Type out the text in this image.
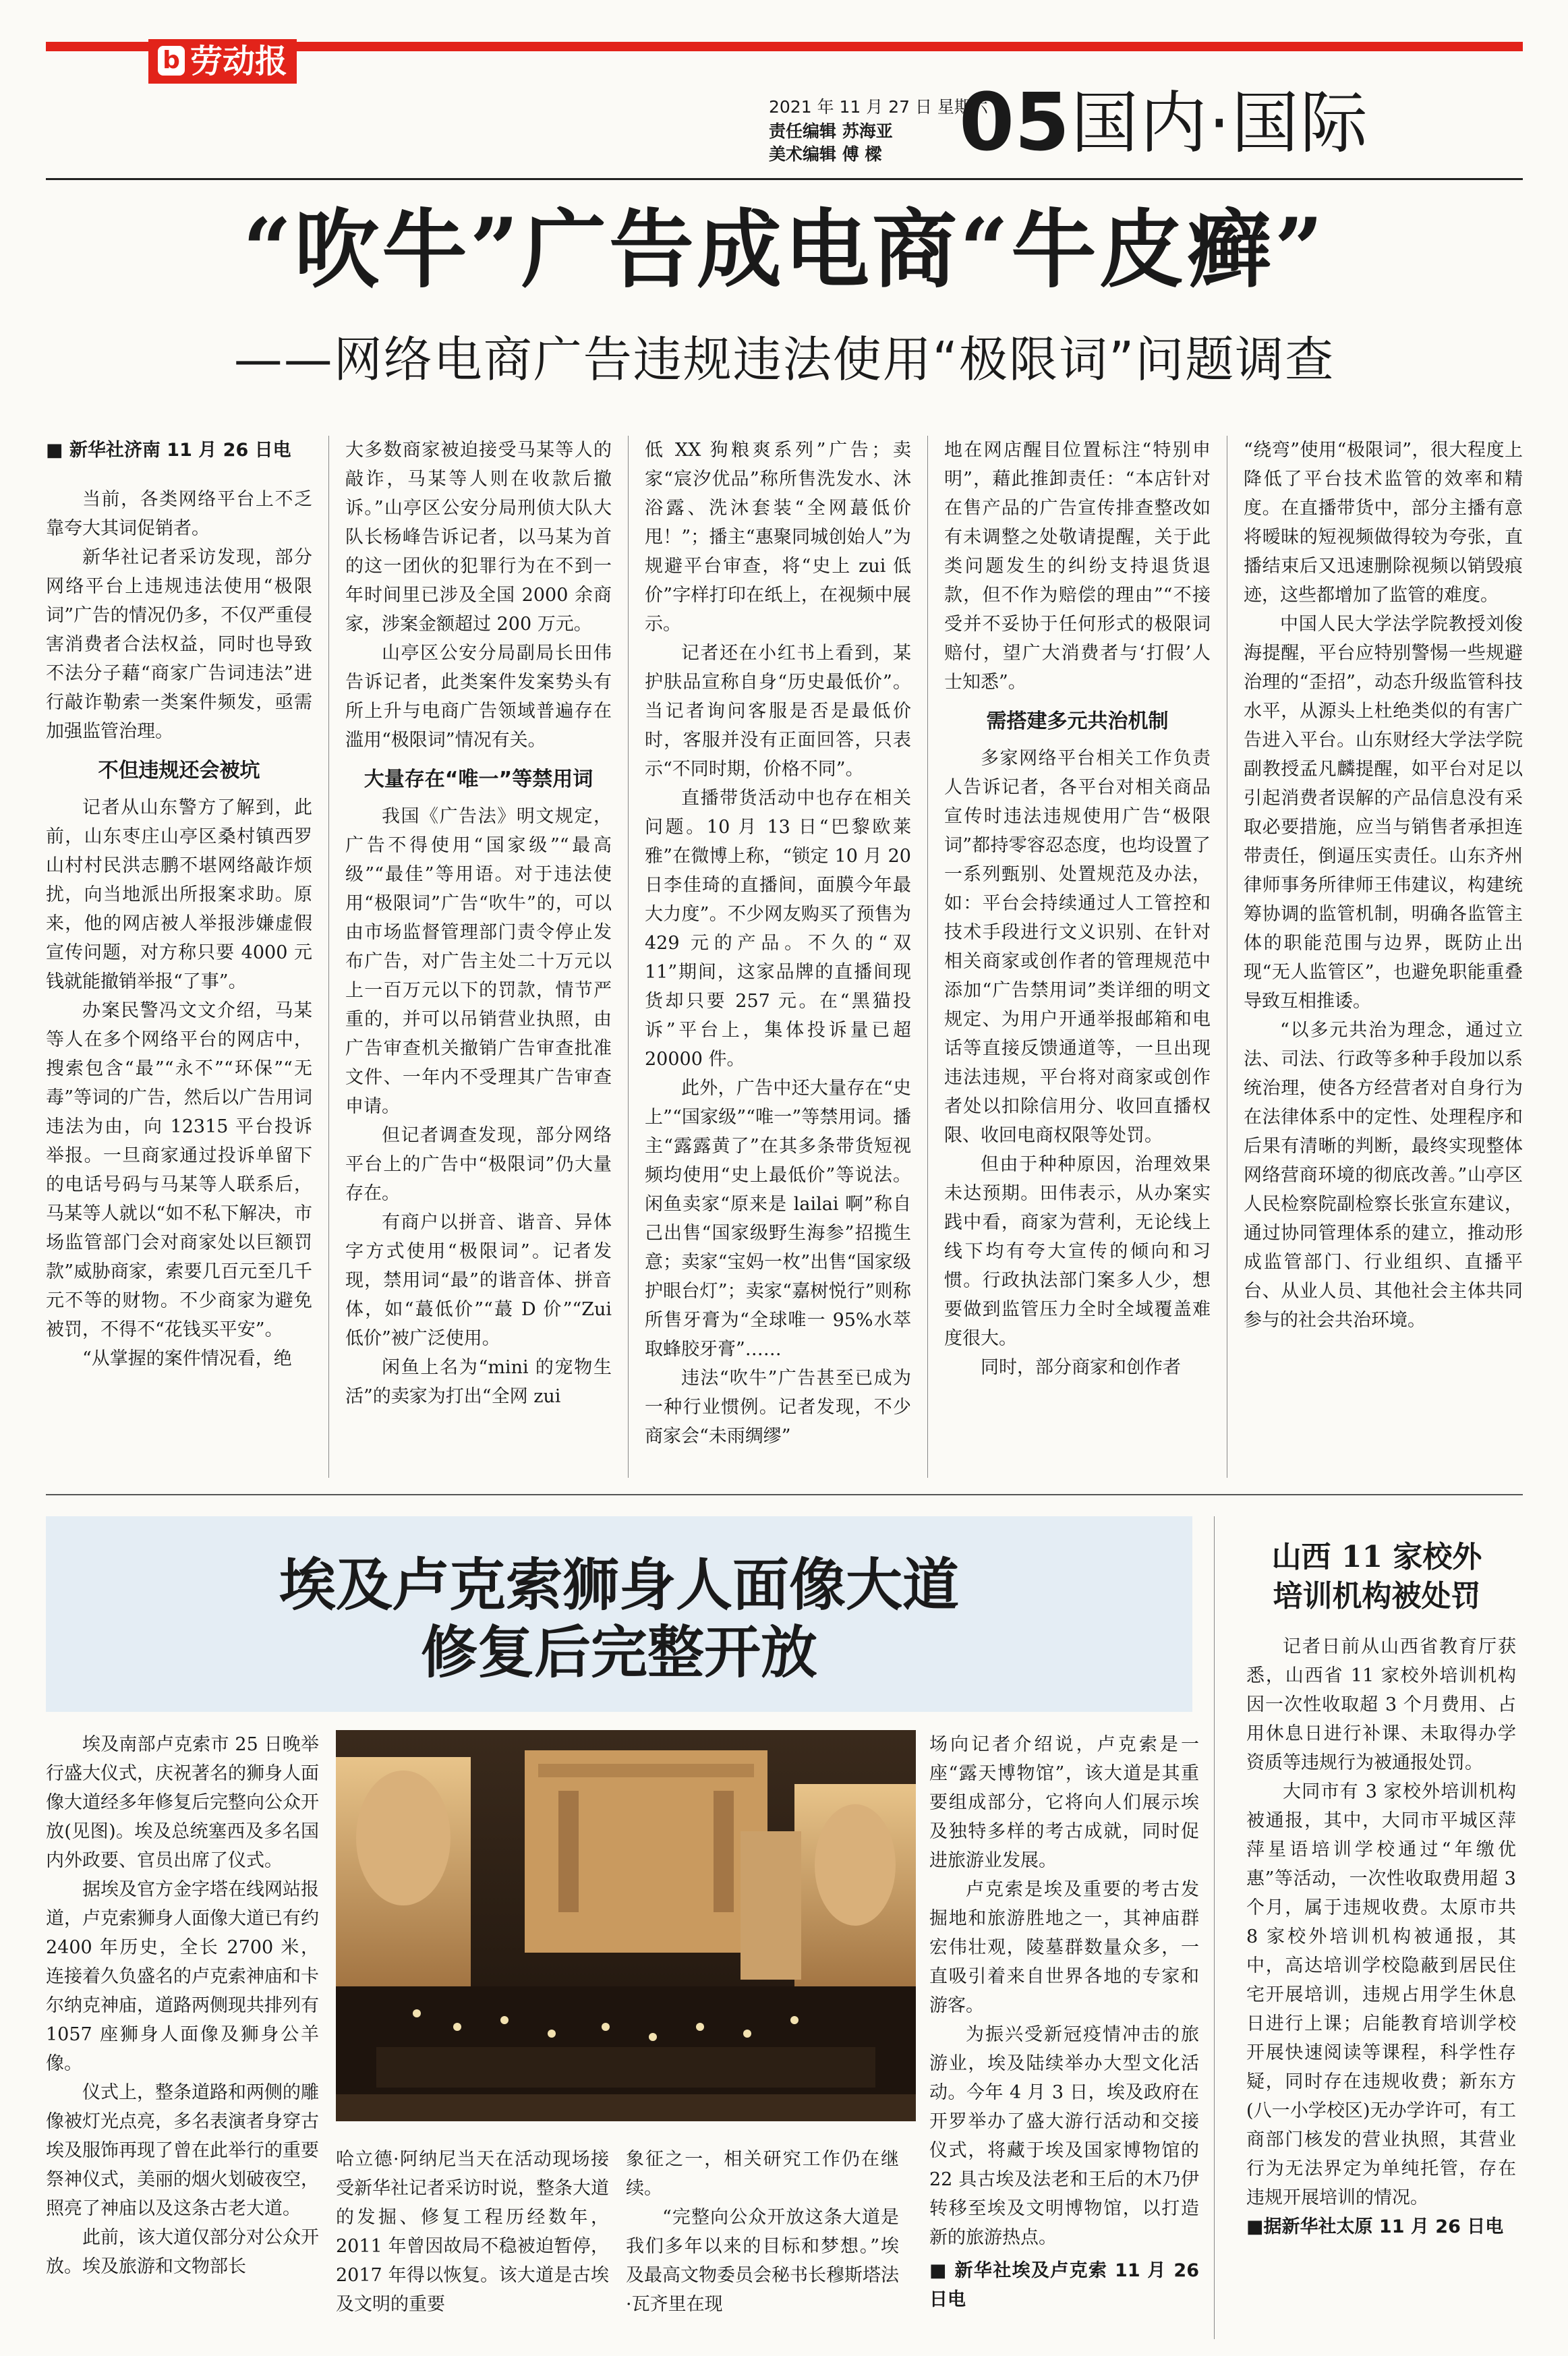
b 劳动报
2021 年 11 月 27 日 星期六
责任编辑 苏海亚
美术编辑 傅 樑 05 国内·国际
“吹牛”广告成电商“牛皮癣”
——网络电商广告违规违法使用“极限词”问题调查

■ 新华社济南 11 月 26 日电

当前，各类网络平台上不乏靠夸大其词促销者。

新华社记者采访发现，部分网络平台上违规违法使用“极限词”广告的情况仍多，不仅严重侵害消费者合法权益，同时也导致不法分子藉“商家广告词违法”进行敲诈勒索一类案件频发，亟需加强监管治理。

不但违规还会被坑

记者从山东警方了解到，此前，山东枣庄山亭区桑村镇西罗山村村民洪志鹏不堪网络敲诈烦扰，向当地派出所报案求助。原来，他的网店被人举报涉嫌虚假宣传问题，对方称只要 4000 元钱就能撤销举报“了事”。

办案民警冯文文介绍，马某等人在多个网络平台的网店中，搜索包含“最”“永不”“环保”“无毒”等词的广告，然后以广告用词违法为由，向 12315 平台投诉举报。一旦商家通过投诉单留下的电话号码与马某等人联系后，马某等人就以“如不私下解决，市场监管部门会对商家处以巨额罚款”威胁商家，索要几百元至几千元不等的财物。不少商家为避免被罚，不得不“花钱买平安”。

“从掌握的案件情况看，绝

大多数商家被迫接受马某等人的敲诈，马某等人则在收款后撤诉。”山亭区公安分局刑侦大队大队长杨峰告诉记者，以马某为首的这一团伙的犯罪行为在不到一年时间里已涉及全国 2000 余商家，涉案金额超过 200 万元。

山亭区公安分局副局长田伟告诉记者，此类案件发案势头有所上升与电商广告领域普遍存在滥用“极限词”情况有关。

大量存在“唯一”等禁用词

我国《广告法》明文规定，广告不得使用“国家级”“最高级”“最佳”等用语。对于违法使用“极限词”广告“吹牛”的，可以由市场监督管理部门责令停止发布广告，对广告主处二十万元以上一百万元以下的罚款，情节严重的，并可以吊销营业执照，由广告审查机关撤销广告审查批准文件、一年内不受理其广告审查申请。

但记者调查发现，部分网络平台上的广告中“极限词”仍大量存在。

有商户以拼音、谐音、异体字方式使用“极限词”。记者发现，禁用词“最”的谐音体、拼音体，如“蕞低价”“蕞 D 价”“Zui 低价”被广泛使用。

闲鱼上名为“mini 的宠物生活”的卖家为打出“全网 zui

低 XX 狗粮爽系列”广告；卖家“宸汐优品”称所售洗发水、沐浴露、洗沐套装“全网蕞低价甩！”；播主“惠聚同城创始人”为规避平台审查，将“史上 zui 低价”字样打印在纸上，在视频中展示。

记者还在小红书上看到，某护肤品宣称自身“历史最低价”。当记者询问客服是否是最低价时，客服并没有正面回答，只表示“不同时期，价格不同”。

直播带货活动中也存在相关问题。10 月 13 日“巴黎欧莱雅”在微博上称，“锁定 10 月 20 日李佳琦的直播间，面膜今年最大力度”。不少网友购买了预售为 429 元的产品。不久的“双 11”期间，这家品牌的直播间现货却只要 257 元。在“黑猫投诉”平台上，集体投诉量已超 20000 件。

此外，广告中还大量存在“史上”“国家级”“唯一”等禁用词。播主“露露黄了”在其多条带货短视频均使用“史上最低价”等说法。闲鱼卖家“原来是 lailai 啊”称自己出售“国家级野生海参”招揽生意；卖家“宝妈一枚”出售“国家级护眼台灯”；卖家“嘉树悦行”则称所售牙膏为“全球唯一 95%水萃取蜂胶牙膏”……

违法“吹牛”广告甚至已成为一种行业惯例。记者发现，不少商家会“未雨绸缪”

地在网店醒目位置标注“特别申明”，藉此推卸责任：“本店针对在售产品的广告宣传排查整改如有未调整之处敬请提醒，关于此类问题发生的纠纷支持退货退款，但不作为赔偿的理由”“不接受并不妥协于任何形式的极限词赔付，望广大消费者与‘打假’人士知悉”。

需搭建多元共治机制

多家网络平台相关工作负责人告诉记者，各平台对相关商品宣传时违法违规使用广告“极限词”都持零容忍态度，也均设置了一系列甄别、处置规范及办法，如：平台会持续通过人工管控和技术手段进行文义识别、在针对相关商家或创作者的管理规范中添加“广告禁用词”类详细的明文规定、为用户开通举报邮箱和电话等直接反馈通道等，一旦出现违法违规，平台将对商家或创作者处以扣除信用分、收回直播权限、收回电商权限等处罚。

但由于种种原因，治理效果未达预期。田伟表示，从办案实践中看，商家为营利，无论线上线下均有夸大宣传的倾向和习惯。行政执法部门案多人少，想要做到监管压力全时全域覆盖难度很大。

同时，部分商家和创作者

“绕弯”使用“极限词”，很大程度上降低了平台技术监管的效率和精度。在直播带货中，部分主播有意将暧昧的短视频做得较为夸张，直播结束后又迅速删除视频以销毁痕迹，这些都增加了监管的难度。

中国人民大学法学院教授刘俊海提醒，平台应特别警惕一些规避治理的“歪招”，动态升级监管科技水平，从源头上杜绝类似的有害广告进入平台。山东财经大学法学院副教授孟凡麟提醒，如平台对足以引起消费者误解的产品信息没有采取必要措施，应当与销售者承担连带责任，倒逼压实责任。山东齐州律师事务所律师王伟建议，构建统筹协调的监管机制，明确各监管主体的职能范围与边界，既防止出现“无人监管区”，也避免职能重叠导致互相推诿。

“以多元共治为理念，通过立法、司法、行政等多种手段加以系统治理，使各方经营者对自身行为在法律体系中的定性、处理程序和后果有清晰的判断，最终实现整体网络营商环境的彻底改善。”山亭区人民检察院副检察长张宣东建议，通过协同管理体系的建立，推动形成监管部门、行业组织、直播平台、从业人员、其他社会主体共同参与的社会共治环境。

埃及卢克索狮身人面像大道
修复后完整开放

埃及南部卢克索市 25 日晚举行盛大仪式，庆祝著名的狮身人面像大道经多年修复后完整向公众开放(见图)。埃及总统塞西及多名国内外政要、官员出席了仪式。

据埃及官方金字塔在线网站报道，卢克索狮身人面像大道已有约 2400 年历史，全长 2700 米，连接着久负盛名的卢克索神庙和卡尔纳克神庙，道路两侧现共排列有 1057 座狮身人面像及狮身公羊像。

仪式上，整条道路和两侧的雕像被灯光点亮，多名表演者身穿古埃及服饰再现了曾在此举行的重要祭神仪式，美丽的烟火划破夜空，照亮了神庙以及这条古老大道。

此前，该大道仅部分对公众开放。埃及旅游和文物部长

哈立德·阿纳尼当天在活动现场接受新华社记者采访时说，整条大道的发掘、修复工程历经数年，2011 年曾因故局不稳被迫暂停，2017 年得以恢复。该大道是古埃及文明的重要

象征之一，相关研究工作仍在继续。

“完整向公众开放这条大道是我们多年以来的目标和梦想。”埃及最高文物委员会秘书长穆斯塔法·瓦齐里在现

场向记者介绍说，卢克索是一座“露天博物馆”，该大道是其重要组成部分，它将向人们展示埃及独特多样的考古成就，同时促进旅游业发展。

卢克索是埃及重要的考古发掘地和旅游胜地之一，其神庙群宏伟壮观，陵墓群数量众多，一直吸引着来自世界各地的专家和游客。

为振兴受新冠疫情冲击的旅游业，埃及陆续举办大型文化活动。今年 4 月 3 日，埃及政府在开罗举办了盛大游行活动和交接仪式，将藏于埃及国家博物馆的 22 具古埃及法老和王后的木乃伊转移至埃及文明博物馆，以打造新的旅游热点。

■ 新华社埃及卢克索 11 月 26 日电

山西 11 家校外
培训机构被处罚

记者日前从山西省教育厅获悉，山西省 11 家校外培训机构因一次性收取超 3 个月费用、占用休息日进行补课、未取得办学资质等违规行为被通报处罚。

大同市有 3 家校外培训机构被通报，其中，大同市平城区萍萍星语培训学校通过“年缴优惠”等活动，一次性收取费用超 3 个月，属于违规收费。太原市共 8 家校外培训机构被通报，其中，高达培训学校隐蔽到居民住宅开展培训，违规占用学生休息日进行上课；启能教育培训学校开展快速阅读等课程，科学性存疑，同时存在违规收费；新东方(八一小学校区)无办学许可，有工商部门核发的营业执照，其营业行为无法界定为单纯托管，存在违规开展培训的情况。

■据新华社太原 11 月 26 日电
